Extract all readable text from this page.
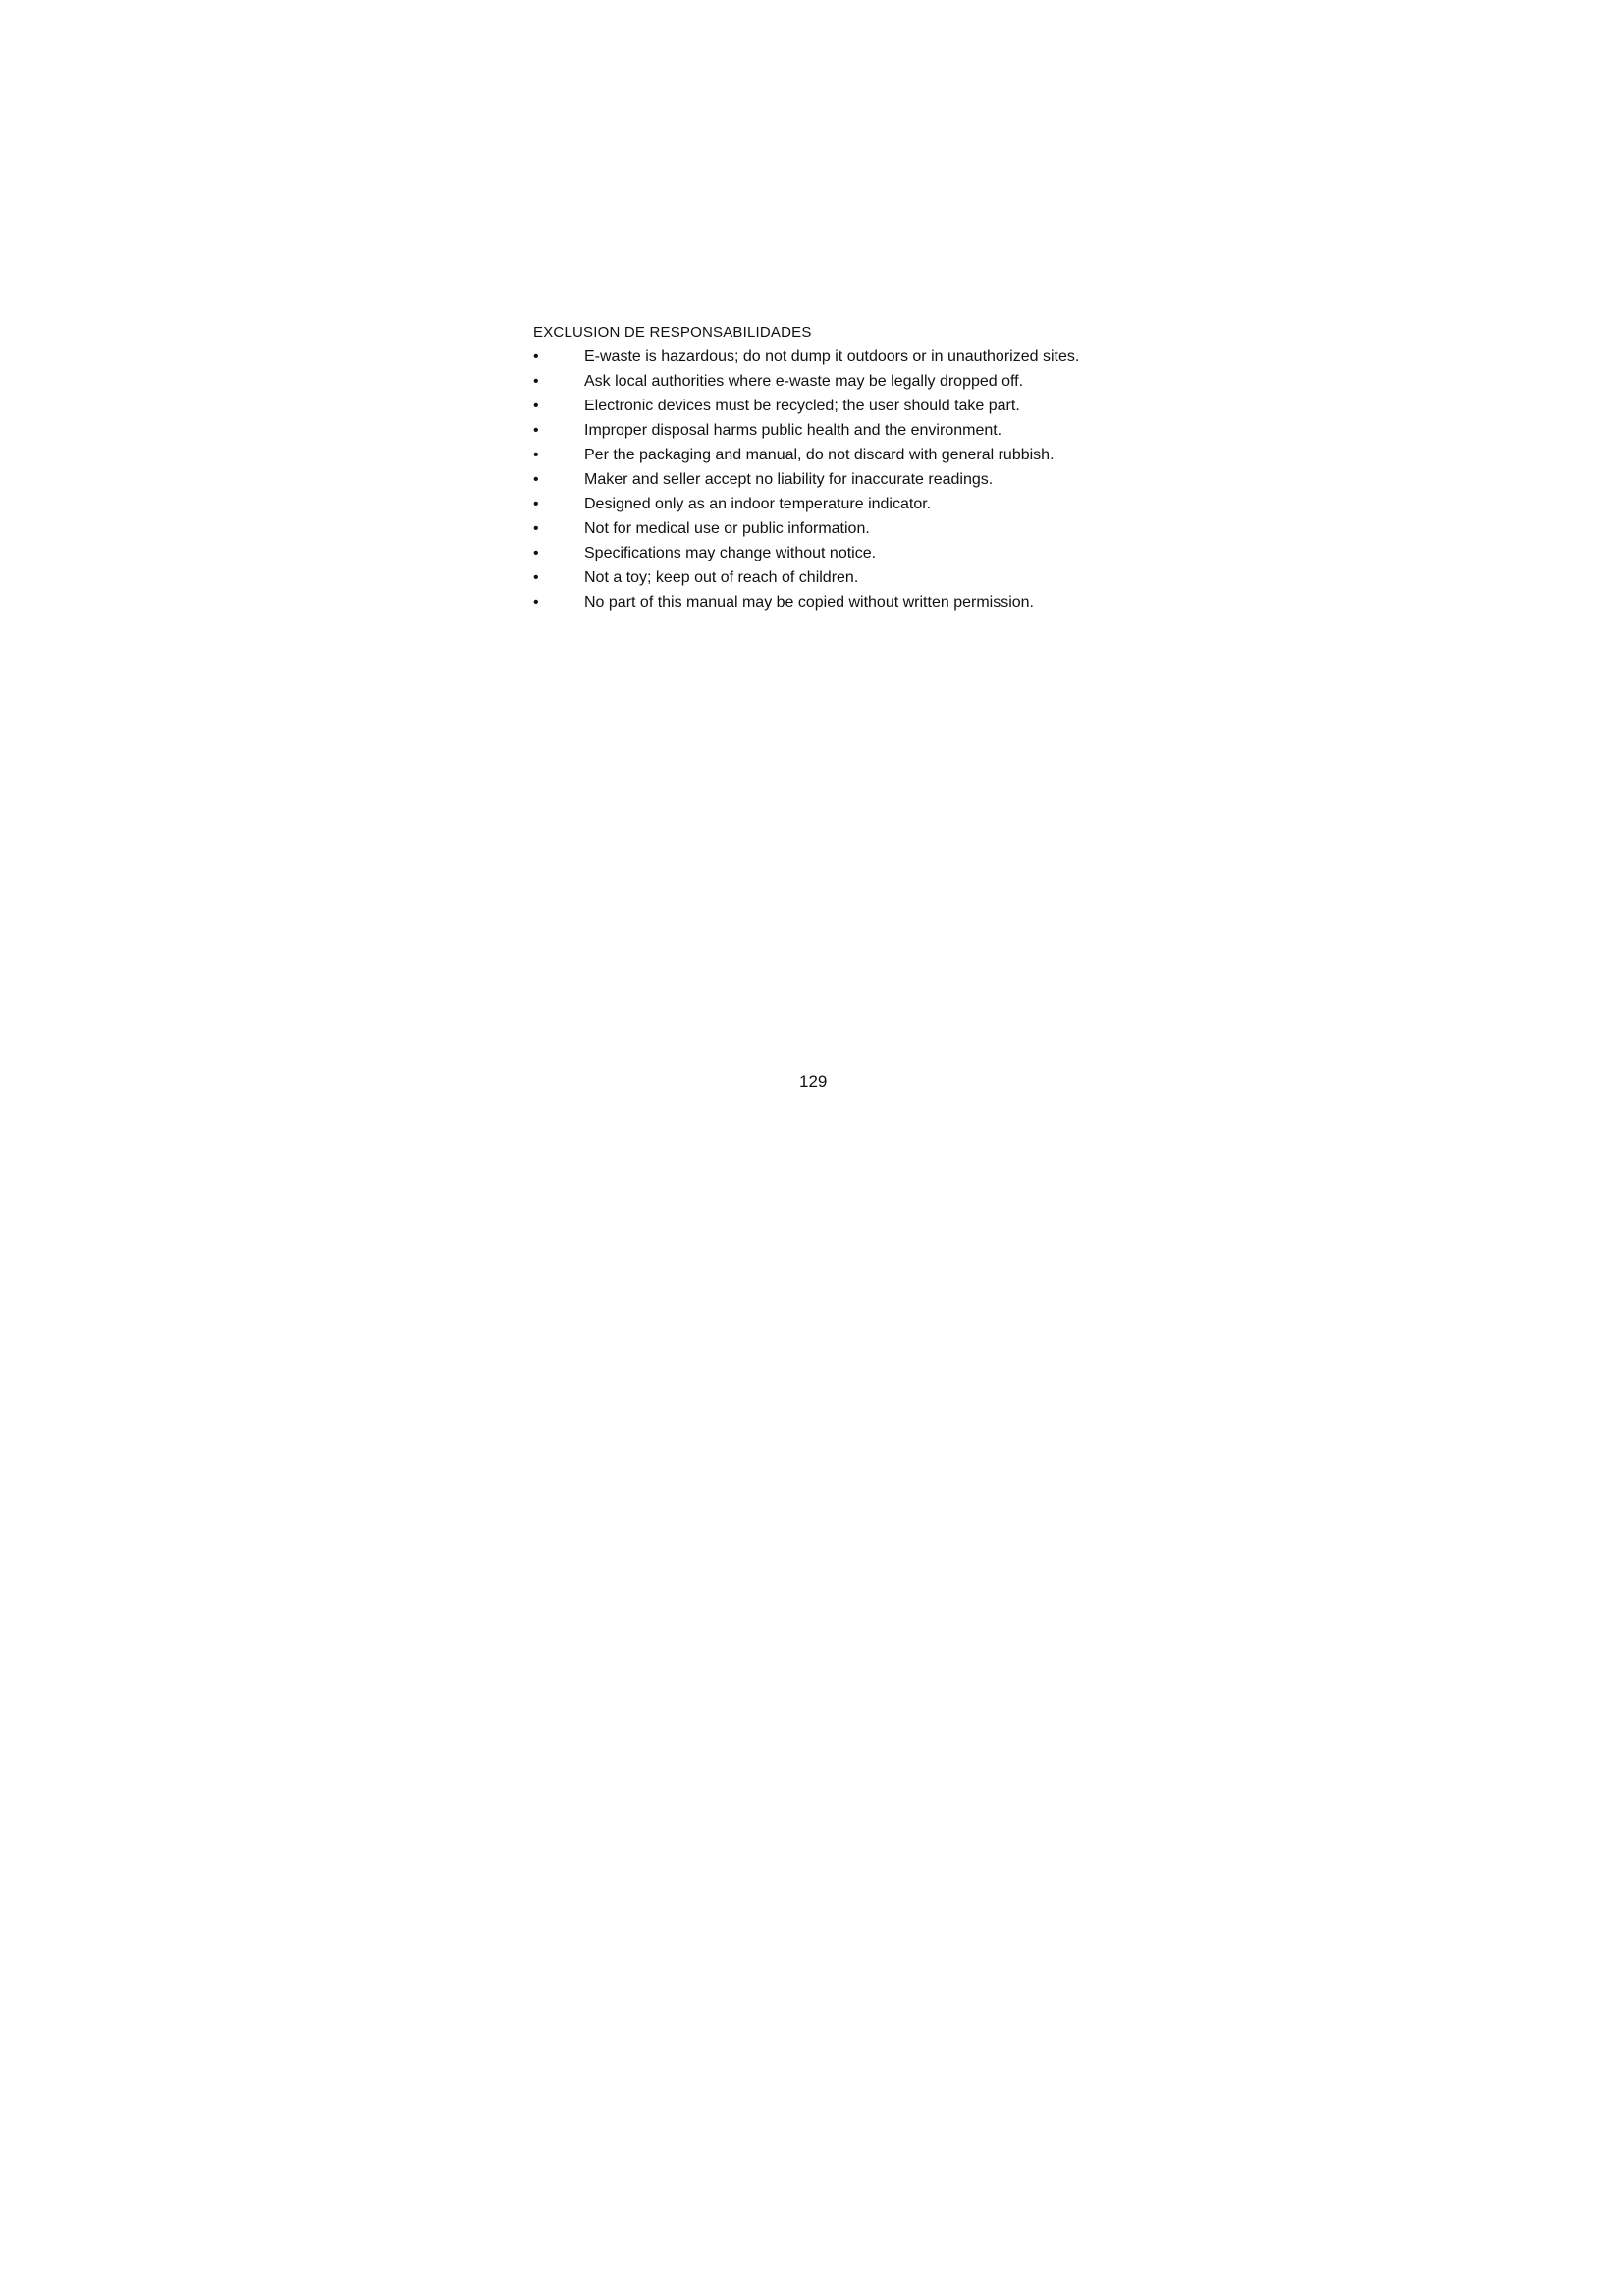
EXCLUSION DE RESPONSABILIDADES
•	E-waste is hazardous; do not dump it outdoors or in unauthorized sites.
•	Ask local authorities where e-waste may be legally dropped off.
•	Electronic devices must be recycled; the user should take part.
•	Improper disposal harms public health and the environment.
•	Per the packaging and manual, do not discard with general rubbish.
•	Maker and seller accept no liability for inaccurate readings.
•	Designed only as an indoor temperature indicator.
•	Not for medical use or public information.
•	Specifications may change without notice.
•	Not a toy; keep out of reach of children.
•	No part of this manual may be copied without written permission.
129
